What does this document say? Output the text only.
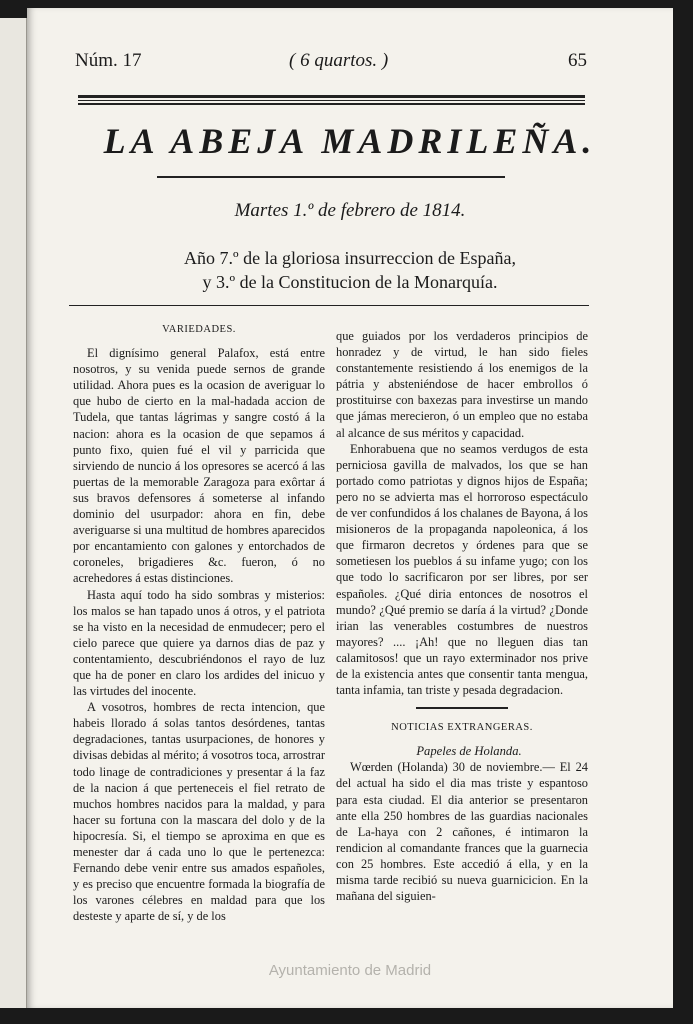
Núm. 17	( 6 quartos. )	65
LA ABEJA MADRILEÑA.
Martes 1.º de febrero de 1814.
Año 7.º de la gloriosa insurreccion de España,
y 3.º de la Constitucion de la Monarquía.

VARIEDADES.

El dignísimo general Palafox, está entre nosotros, y su venida puede sernos de grande utilidad. Ahora pues es la ocasion de averiguar lo que hubo de cierto en la mal-hadada accion de Tudela, que tantas lágrimas y sangre costó á la nacion: ahora es la ocasion de que sepamos á punto fixo, quien fué el vil y parricida que sirviendo de nuncio á los opresores se acercó á las puertas de la memorable Zaragoza para exôrtar á sus bravos defensores á someterse al infando dominio del usurpador: ahora en fin, debe averiguarse si una multitud de hombres aparecidos por encantamiento con galones y entorchados de coroneles, brigadieres &c. fueron, ó no acrehedores á estas distinciones.

Hasta aquí todo ha sido sombras y misterios: los malos se han tapado unos á otros, y el patriota se ha visto en la necesidad de enmudecer; pero el cielo parece que quiere ya darnos dias de paz y contentamiento, descubriéndonos el rayo de luz que ha de poner en claro los ardides del inicuo y las virtudes del inocente.

A vosotros, hombres de recta intencion, que habeis llorado á solas tantos desórdenes, tantas degradaciones, tantas usurpaciones, de honores y divisas debidas al mérito; á vosotros toca, arrostrar todo linage de contradiciones y presentar á la faz de la nacion á que perteneceis el fiel retrato de muchos hombres nacidos para la maldad, y para hacer su fortuna con la mascara del dolo y de la hipocresía. Si, el tiempo se aproxima en que es menester dar á cada uno lo que le pertenezca: Fernando debe venir entre sus amados españoles, y es preciso que encuentre formada la biografía de los varones célebres en maldad para que los desteste y aparte de sí, y de los

que guiados por los verdaderos principios de honradez y de virtud, le han sido fieles constantemente resistiendo á los enemigos de la pátria y absteniéndose de hacer embrollos ó prostituirse con baxezas para investirse un mando que jámas merecieron, ó un empleo que no estaba al alcance de sus méritos y capacidad.

Enhorabuena que no seamos verdugos de esta perniciosa gavilla de malvados, los que se han portado como patriotas y dignos hijos de España; pero no se advierta mas el horroroso espectáculo de ver confundidos á los chalanes de Bayona, á los misioneros de la propaganda napoleonica, á los que firmaron decretos y órdenes para que se sometiesen los pueblos á su infame yugo; con los que todo lo sacrificaron por ser libres, por ser españoles. ¿Qué diria entonces de nosotros el mundo? ¿Qué premio se daría á la virtud? ¿Donde irian las venerables costumbres de nuestros mayores? .... ¡Ah! que no lleguen dias tan calamitosos! que un rayo exterminador nos prive de la existencia antes que consentir tanta mengua, tanta infamia, tan triste y pesada degradacion.

NOTICIAS EXTRANGERAS.

Papeles de Holanda.

Wœrden (Holanda) 30 de noviembre.— El 24 del actual ha sido el dia mas triste y espantoso para esta ciudad. El dia anterior se presentaron ante ella 250 hombres de las guardias nacionales de La-haya con 2 cañones, é intimaron la rendicion al comandante frances que la guarnecia con 25 hombres. Este accedió á ella, y en la misma tarde recibió su nueva guarnicicion. En la mañana del siguien-

Ayuntamiento de Madrid
